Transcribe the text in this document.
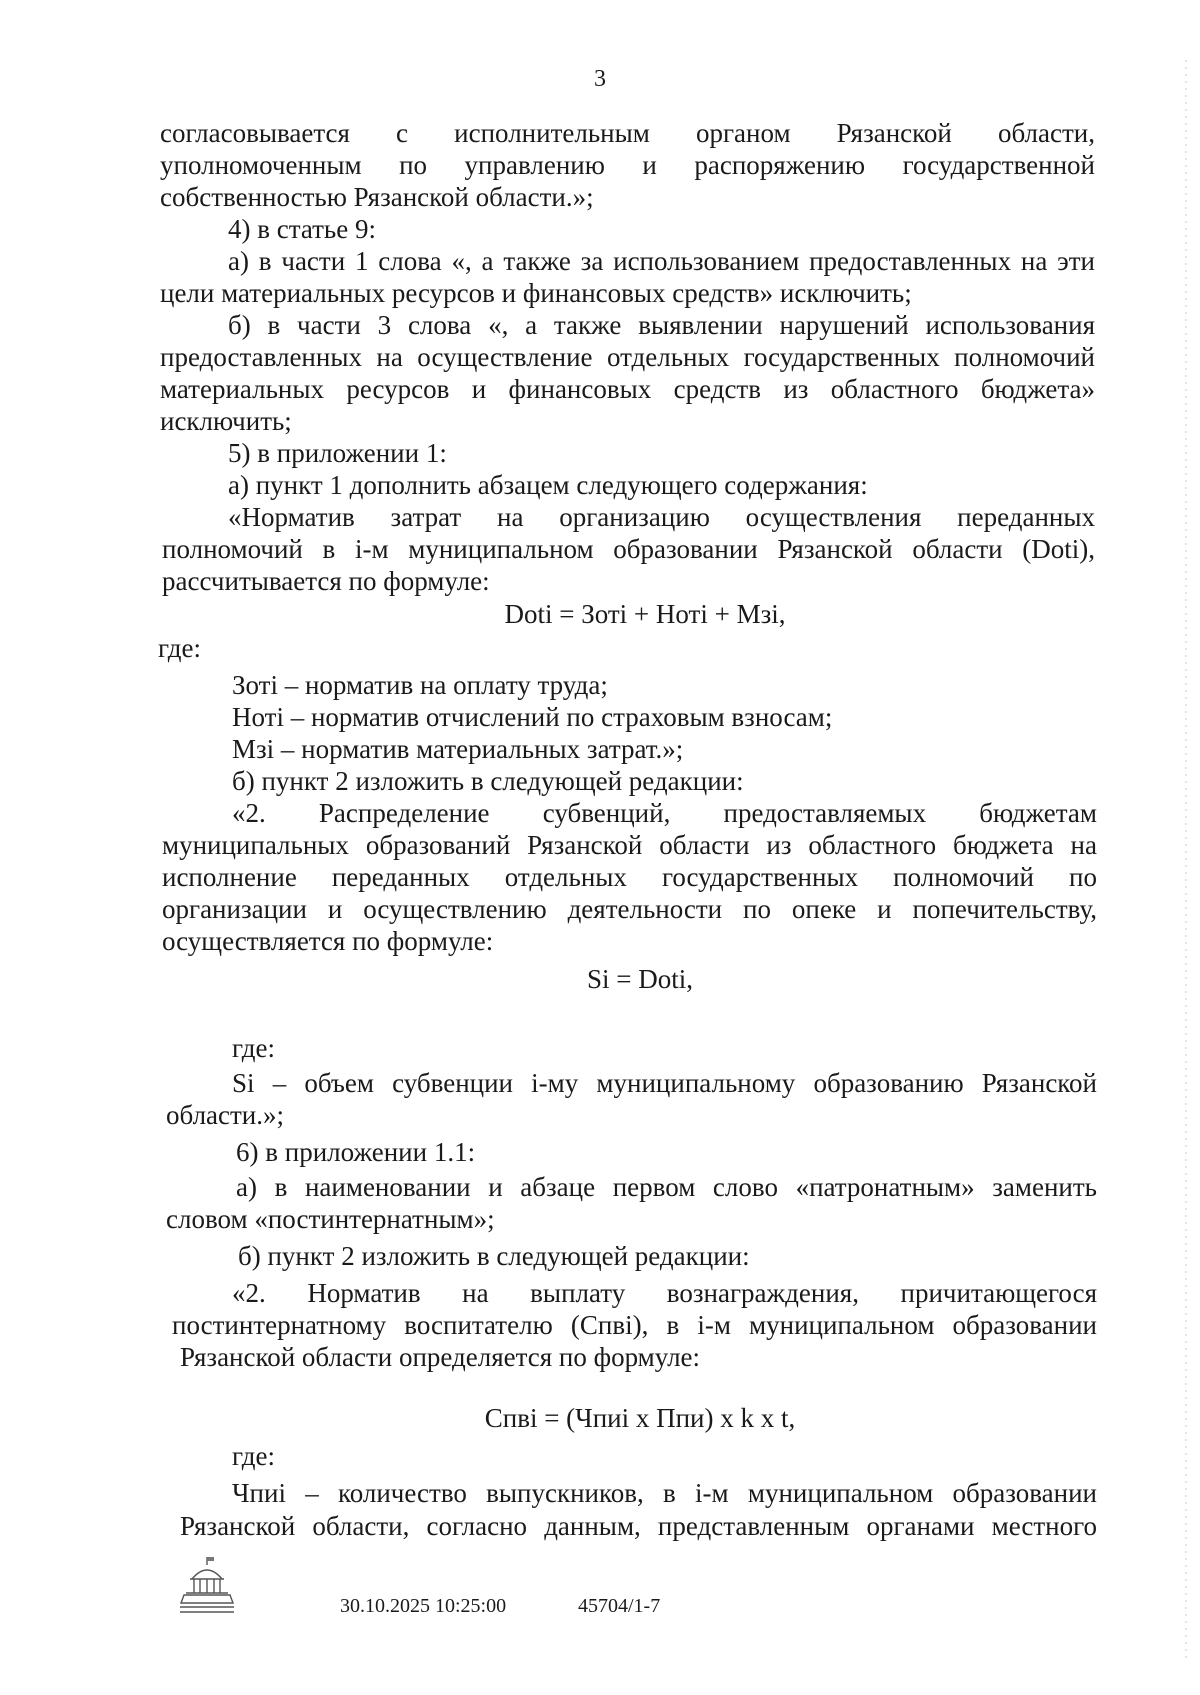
3
согласовывается с исполнительным органом Рязанской области,
уполномоченным по управлению и распоряжению государственной
собственностью Рязанской области.»;
4) в статье 9:
а) в части 1 слова «, а также за использованием предоставленных на эти
цели материальных ресурсов и финансовых средств» исключить;
б) в части 3 слова «, а также выявлении нарушений использования
предоставленных на осуществление отдельных государственных полномочий
материальных ресурсов и финансовых средств из областного бюджета»
исключить;
5) в приложении 1:
а) пункт 1 дополнить абзацем следующего содержания:
«Норматив затрат на организацию осуществления переданных
полномочий в i-м муниципальном образовании Рязанской области (Doti),
рассчитывается по формуле:
Doti = Зоті + Ноті + Мзі,
где:
Зоті – норматив на оплату труда;
Ноті – норматив отчислений по страховым взносам;
Мзі – норматив материальных затрат.»;
б) пункт 2 изложить в следующей редакции:
«2. Распределение субвенций, предоставляемых бюджетам
муниципальных образований Рязанской области из областного бюджета на
исполнение переданных отдельных государственных полномочий по
организации и осуществлению деятельности по опеке и попечительству,
осуществляется по формуле:
Si = Doti,
где:
Si – объем субвенции i-му муниципальному образованию Рязанской
области.»;
6) в приложении 1.1:
а) в наименовании и абзаце первом слово «патронатным» заменить
словом «постинтернатным»;
б) пункт 2 изложить в следующей редакции:
«2. Норматив на выплату вознаграждения, причитающегося
постинтернатному воспитателю (Спві), в i-м муниципальном образовании
Рязанской области определяется по формуле:
Спві = (Чпиі x Ппи) x k x t,
где:
Чпиі – количество выпускников, в i-м муниципальном образовании
Рязанской области, согласно данным, представленным органами местного
30.10.2025 10:25:00	45704/1-7
